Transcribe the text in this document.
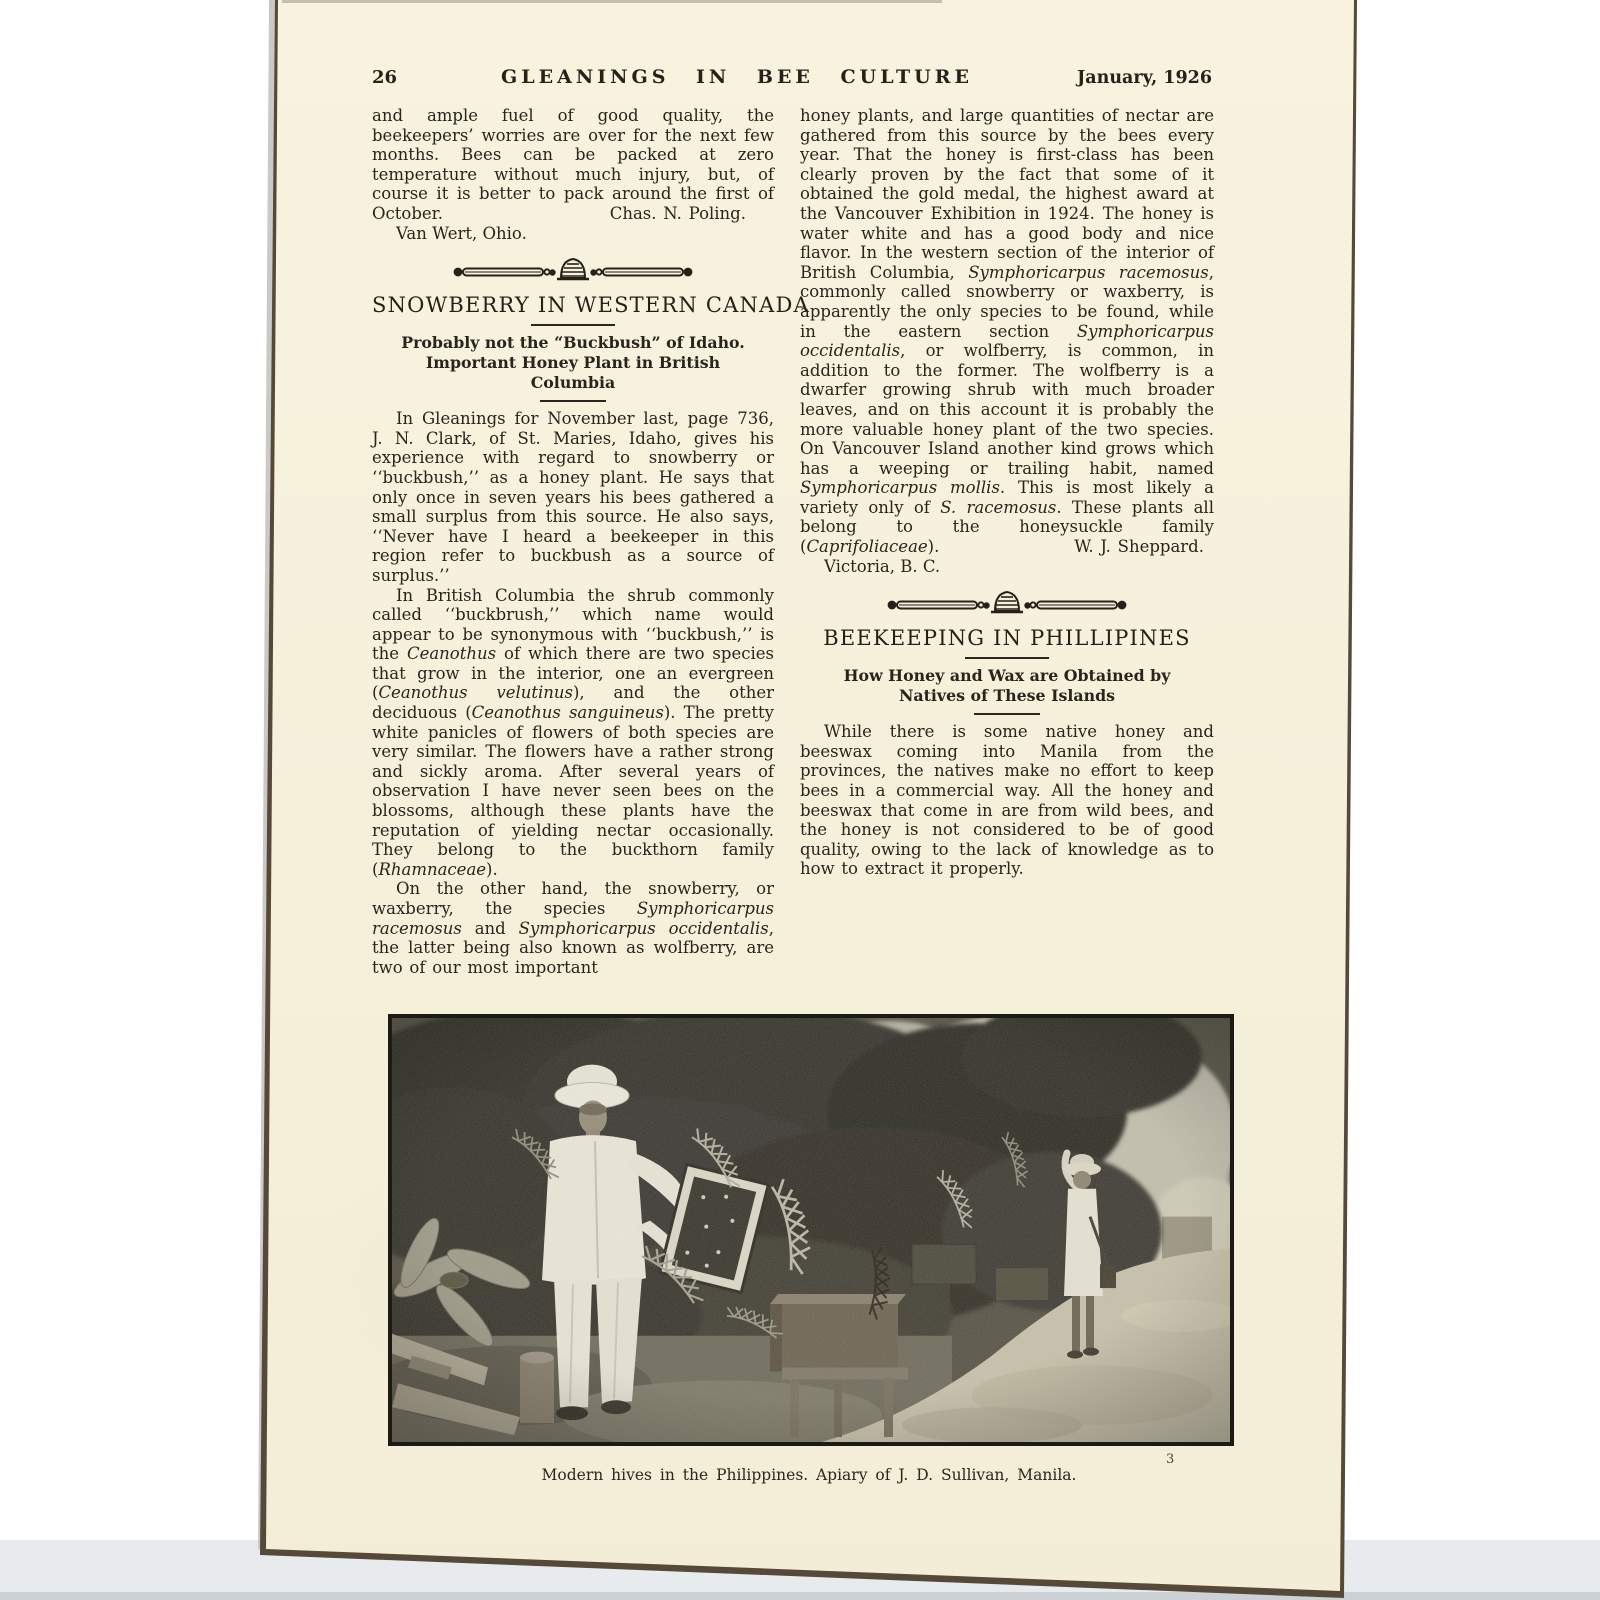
26	GLEANINGS IN BEE CULTURE	January, 1926
and ample fuel of good quality, the beekeepers’ worries are over for the next few months. Bees can be packed at zero temperature without much injury, but, of course it is better to pack around the first of October.	Chas. N. Poling.
Van Wert, Ohio.
SNOWBERRY IN WESTERN CANADA
Probably not the “Buckbush” of Idaho. Important Honey Plant in British Columbia
In Gleanings for November last, page 736, J. N. Clark, of St. Maries, Idaho, gives his experience with regard to snowberry or ‘‘buckbush,’’ as a honey plant. He says that only once in seven years his bees gathered a small surplus from this source. He also says, ‘‘Never have I heard a beekeeper in this region refer to buckbush as a source of surplus.’’
In British Columbia the shrub commonly called ‘‘buckbrush,’’ which name would appear to be synonymous with ‘‘buckbush,’’ is the Ceanothus of which there are two species that grow in the interior, one an evergreen (Ceanothus velutinus), and the other deciduous (Ceanothus sanguineus). The pretty white panicles of flowers of both species are very similar. The flowers have a rather strong and sickly aroma. After several years of observation I have never seen bees on the blossoms, although these plants have the reputation of yielding nectar occasionally. They belong to the buckthorn family (Rhamnaceae).
On the other hand, the snowberry, or waxberry, the species Symphoricarpus racemosus and Symphoricarpus occidentalis, the latter being also known as wolfberry, are two of our most important
honey plants, and large quantities of nectar are gathered from this source by the bees every year. That the honey is first-class has been clearly proven by the fact that some of it obtained the gold medal, the highest award at the Vancouver Exhibition in 1924. The honey is water white and has a good body and nice flavor. In the western section of the interior of British Columbia, Symphoricarpus racemosus, commonly called snowberry or waxberry, is apparently the only species to be found, while in the eastern section Symphoricarpus occidentalis, or wolfberry, is common, in addition to the former. The wolfberry is a dwarfer growing shrub with much broader leaves, and on this account it is probably the more valuable honey plant of the two species. On Vancouver Island another kind grows which has a weeping or trailing habit, named Symphoricarpus mollis. This is most likely a variety only of S. racemosus. These plants all belong to the honeysuckle family (Caprifoliaceae).	W. J. Sheppard.
Victoria, B. C.
BEEKEEPING IN PHILLIPINES
How Honey and Wax are Obtained by Natives of These Islands
While there is some native honey and beeswax coming into Manila from the provinces, the natives make no effort to keep bees in a commercial way. All the honey and beeswax that come in are from wild bees, and the honey is not considered to be of good quality, owing to the lack of knowledge as to how to extract it properly.
Modern hives in the Philippines. Apiary of J. D. Sullivan, Manila.
3
